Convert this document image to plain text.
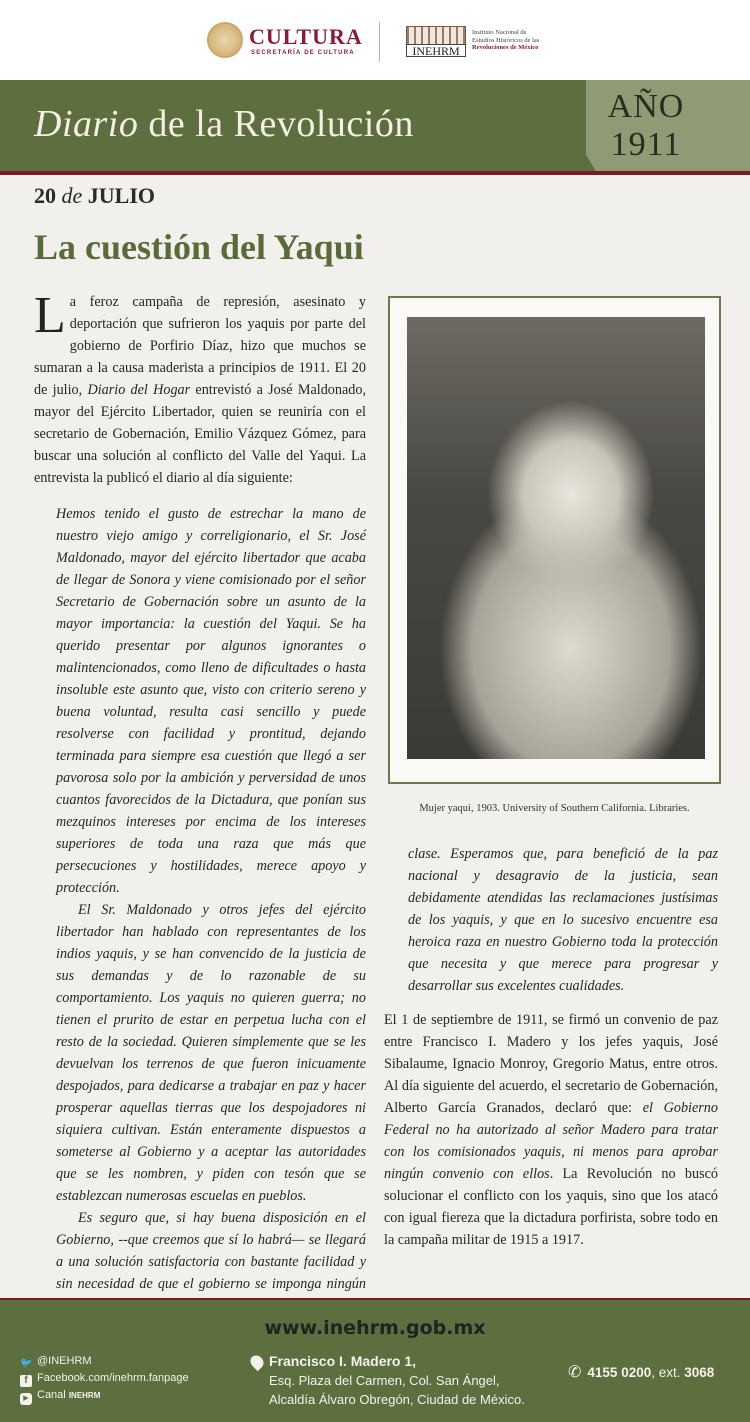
CULTURA
SECRETARÍA DE CULTURA	INEHRM
Instituto Nacional de
Estudios Históricos de las
Revoluciones de México
Diario de la Revolución	AÑO
1911
20 de JULIO
La cuestión del Yaqui
La feroz campaña de represión, asesinato y deportación que sufrieron los yaquis por parte del gobierno de Porfirio Díaz, hizo que muchos se sumaran a la causa maderista a principios de 1911. El 20 de julio, Diario del Hogar entrevistó a José Maldonado, mayor del Ejército Libertador, quien se reuniría con el secretario de Gobernación, Emilio Vázquez Gómez, para buscar una solución al conflicto del Valle del Yaqui. La entrevista la publicó el diario al día siguiente:

Hemos tenido el gusto de estrechar la mano de nuestro viejo amigo y correligionario, el Sr. José Maldonado, mayor del ejército libertador que acaba de llegar de Sonora y viene comisionado por el señor Secretario de Gobernación sobre un asunto de la mayor importancia: la cuestión del Yaqui. Se ha querido presentar por algunos ignorantes o malintencionados, como lleno de dificultades o hasta insoluble este asunto que, visto con criterio sereno y buena voluntad, resulta casi sencillo y puede resolverse con facilidad y prontitud, dejando terminada para siempre esa cuestión que llegó a ser pavorosa solo por la ambición y perversidad de unos cuantos favorecidos de la Dictadura, que ponían sus mezquinos intereses por encima de los intereses superiores de toda una raza que más que persecuciones y hostilidades, merece apoyo y protección.

El Sr. Maldonado y otros jefes del ejército libertador han hablado con representantes de los indios yaquis, y se han convencido de la justicia de sus demandas y de lo razonable de su comportamiento. Los yaquis no quieren guerra; no tienen el prurito de estar en perpetua lucha con el resto de la sociedad. Quieren simplemente que se les devuelvan los terrenos de que fueron inicuamente despojados, para dedicarse a trabajar en paz y hacer prosperar aquellas tierras que los despojadores ni siquiera cultivan. Están enteramente dispuestos a someterse al Gobierno y a aceptar las autoridades que se les nombren, y piden con tesón que se establezcan numerosas escuelas en pueblos.

Es seguro que, si hay buena disposición en el Gobierno, --que creemos que sí lo habrá— se llegará a una solución satisfactoria con bastante facilidad y sin necesidad de que el gobierno se imponga ningún

Mujer yaqui, 1903. University of Southern California. Libraries.
clase. Esperamos que, para benefició de la paz nacional y desagravio de la justicia, sean debidamente atendidas las reclamaciones justísimas de los yaquis, y que en lo sucesivo encuentre esa heroica raza en nuestro Gobierno toda la protección que necesita y que merece para progresar y desarrollar sus excelentes cualidades.
El 1 de septiembre de 1911, se firmó un convenio de paz entre Francisco I. Madero y los jefes yaquis, José Sibalaume, Ignacio Monroy, Gregorio Matus, entre otros. Al día siguiente del acuerdo, el secretario de Gobernación, Alberto García Granados, declaró que: el Gobierno Federal no ha autorizado al señor Madero para tratar con los comisionados yaquis, ni menos para aprobar ningún convenio con ellos. La Revolución no buscó solucionar el conflicto con los yaquis, sino que los atacó con igual fiereza que la dictadura porfirista, sobre todo en la campaña militar de 1915 a 1917.
www.inehrm.gob.mx
🐦 @INEHRM
f Facebook.com/inehrm.fanpage
▶ Canal INEHRM
Francisco I. Madero 1,
Esq. Plaza del Carmen, Col. San Ángel,
Alcaldía Álvaro Obregón, Ciudad de México.
✆ 4155 0200, ext. 3068
